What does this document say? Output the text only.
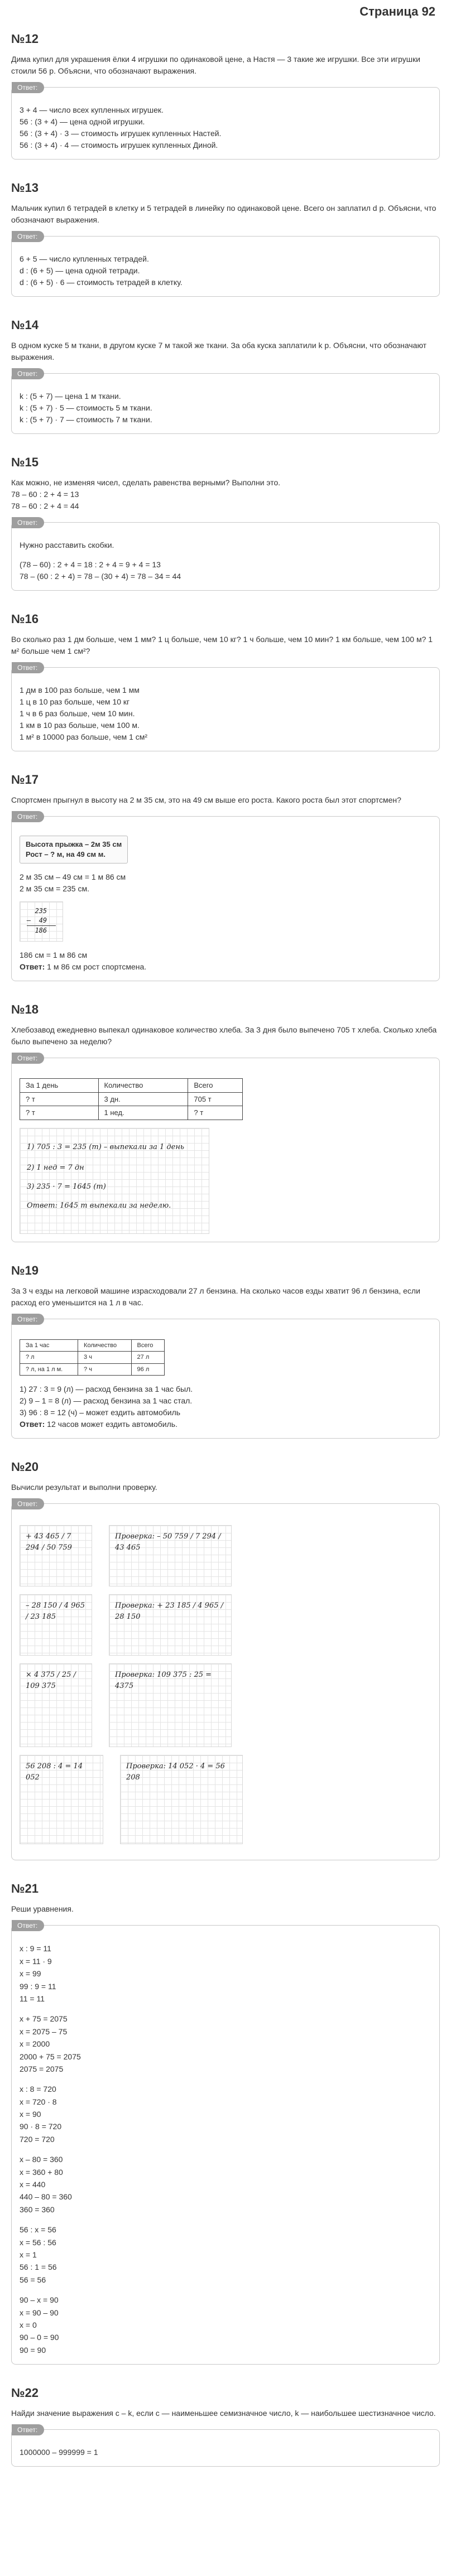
Страница 92
№12
Дима купил для украшения ёлки 4 игрушки по одинаковой цене, а Настя — 3 такие же игрушки. Все эти игрушки стоили 56 р. Объясни, что обозначают выражения.
Ответ:
3 + 4 — число всех купленных игрушек.
56 : (3 + 4) — цена одной игрушки.
56 : (3 + 4) · 3 — стоимость игрушек купленных Настей.
56 : (3 + 4) · 4 — стоимость игрушек купленных Диной.
№13
Мальчик купил 6 тетрадей в клетку и 5 тетрадей в линейку по одинаковой цене. Всего он заплатил d р. Объясни, что обозначают выражения.
Ответ:
6 + 5 — число купленных тетрадей.
d : (6 + 5) — цена одной тетради.
d : (6 + 5) · 6 — стоимость тетрадей в клетку.
№14
В одном куске 5 м ткани, в другом куске 7 м такой же ткани. За оба куска заплатили k р. Объясни, что обозначают выражения.
Ответ:
k : (5 + 7) — цена 1 м ткани.
k : (5 + 7) · 5 — стоимость 5 м ткани.
k : (5 + 7) · 7 — стоимость 7 м ткани.
№15
Как можно, не изменяя чисел, сделать равенства верными? Выполни это.
78 – 60 : 2 + 4 = 13
78 – 60 : 2 + 4 = 44
Ответ:
Нужно расставить скобки.
(78 – 60) : 2 + 4 = 18 : 2 + 4 = 9 + 4 = 13
78 – (60 : 2 + 4) = 78 – (30 + 4) = 78 – 34 = 44
№16
Во сколько раз 1 дм больше, чем 1 мм? 1 ц больше, чем 10 кг? 1 ч больше, чем 10 мин? 1 км больше, чем 100 м? 1 м² больше чем 1 см²?
Ответ:
1 дм в 100 раз больше, чем 1 мм
1 ц в 10 раз больше, чем 10 кг
1 ч в 6 раз больше, чем 10 мин.
1 км в 10 раз больше, чем 100 м.
1 м² в 10000 раз больше, чем 1 см²
№17
Спортсмен прыгнул в высоту на 2 м 35 см, это на 49 см выше его роста. Какого роста был этот спортсмен?
Ответ:
Высота прыжка – 2м 35 см
Рост – ? м, на 49 см м.
2 м 35 см – 49 см = 1 м 86 см
2 м 35 см = 235 см.
235
–  49
186
186 см = 1 м 86 см
Ответ: 1 м 86 см рост спортсмена.
№18
Хлебозавод ежедневно выпекал одинаковое количество хлеба. За 3 дня было выпечено 705 т хлеба. Сколько хлеба было выпечено за неделю?
Ответ:
За 1 день	Количество	Всего
? т	3 дн.	705 т
? т	1 нед.	? т
1) 705 : 3 = 235 (т) – выпекали за 1 день
2) 1 нед = 7 дн
3) 235 · 7 = 1645 (т)
Ответ: 1645 т выпекали за неделю.
№19
За 3 ч езды на легковой машине израсходовали 27 л бензина. На сколько часов езды хватит 96 л бензина, если расход его уменьшится на 1 л в час.
Ответ:
За 1 час	Количество	Всего
? л	3 ч	27 л
? л, на 1 л м.	? ч	96 л
1) 27 : 3 = 9 (л) — расход бензина за 1 час был.
2) 9 – 1 = 8 (л) — расход бензина за 1 час стал.
3) 96 : 8 = 12 (ч) – может ездить автомобиль
Ответ: 12 часов может ездить автомобиль.
№20
Вычисли результат и выполни проверку.
Ответ:
+ 43 465 / 7 294 / 50 759
Проверка: – 50 759 / 7 294 / 43 465
– 28 150 / 4 965 / 23 185
Проверка: + 23 185 / 4 965 / 28 150
× 4 375 / 25 / 109 375
Проверка: 109 375 : 25 = 4375
56 208 : 4 = 14 052
Проверка: 14 052 · 4 = 56 208
№21
Реши уравнения.
Ответ:
x : 9 = 11
x = 11 · 9
x = 99
99 : 9 = 11
11 = 11
x + 75 = 2075
x = 2075 – 75
x = 2000
2000 + 75 = 2075
2075 = 2075
x : 8 = 720
x = 720 · 8
x = 90
90 · 8 = 720
720 = 720
x – 80 = 360
x = 360 + 80
x = 440
440 – 80 = 360
360 = 360
56 : x = 56
x = 56 : 56
x = 1
56 : 1 = 56
56 = 56
90 – x = 90
x = 90 – 90
x = 0
90 – 0 = 90
90 = 90
№22
Найди значение выражения c – k, если c — наименьшее семизначное число, k — наибольшее шестизначное число.
Ответ:
1000000 – 999999 = 1
